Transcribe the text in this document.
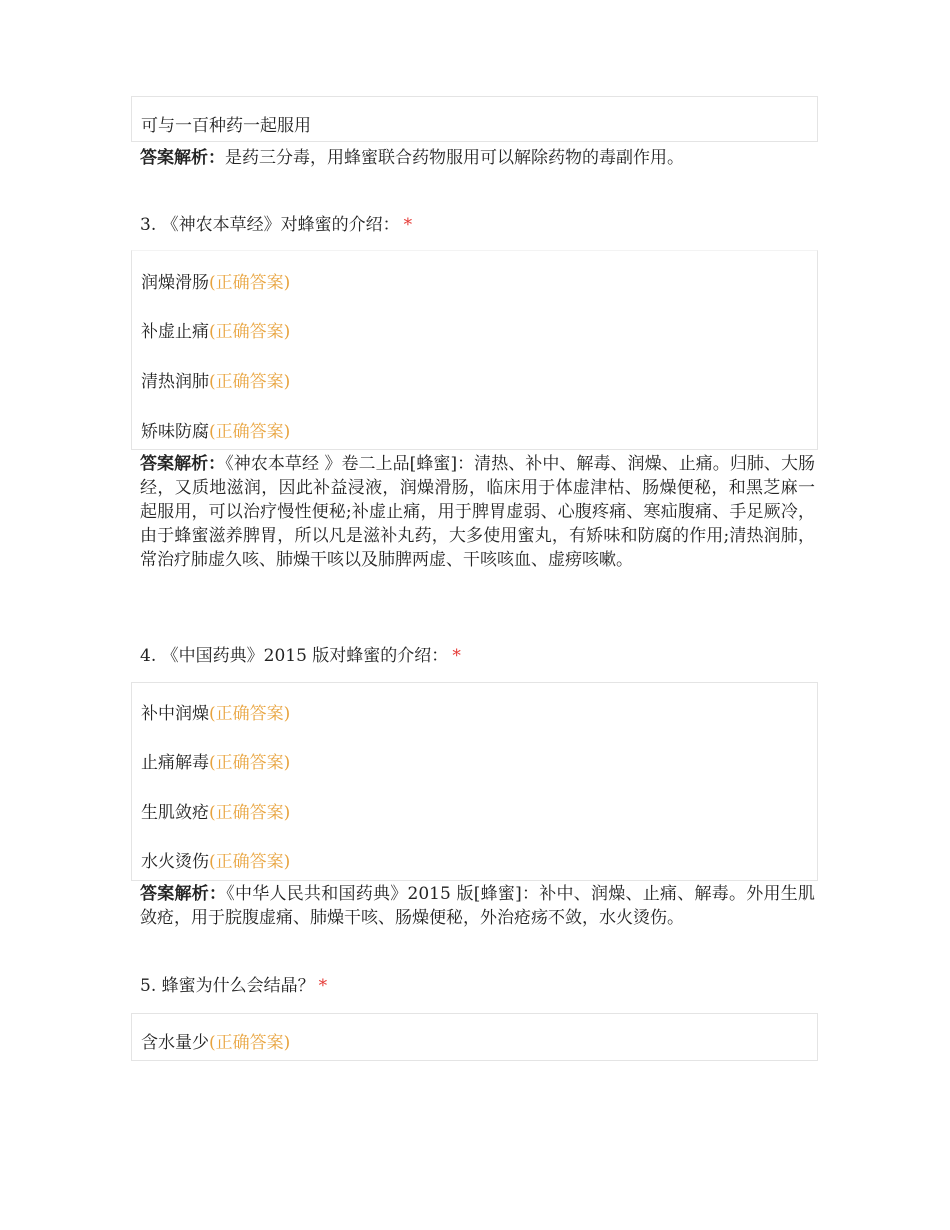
可与一百种药一起服用
答案解析：是药三分毒，用蜂蜜联合药物服用可以解除药物的毒副作用。
3. 《神农本草经》对蜂蜜的介绍： *
润燥滑肠(正确答案)
补虚止痛(正确答案)
清热润肺(正确答案)
矫味防腐(正确答案)
答案解析：《神农本草经 》卷二上品[蜂蜜]：清热、补中、解毒、润燥、止痛。归肺、大肠经，又质地滋润，因此补益浸液，润燥滑肠，临床用于体虚津枯、肠燥便秘，和黑芝麻一起服用，可以治疗慢性便秘;补虚止痛，用于脾胃虚弱、心腹疼痛、寒疝腹痛、手足厥冷，由于蜂蜜滋养脾胃，所以凡是滋补丸药，大多使用蜜丸，有矫味和防腐的作用;清热润肺，常治疗肺虚久咳、肺燥干咳以及肺脾两虚、干咳咳血、虚痨咳嗽。
4. 《中国药典》2015 版对蜂蜜的介绍： *
补中润燥(正确答案)
止痛解毒(正确答案)
生肌敛疮(正确答案)
水火烫伤(正确答案)
答案解析：《中华人民共和国药典》2015 版[蜂蜜]：补中、润燥、止痛、解毒。外用生肌敛疮，用于脘腹虚痛、肺燥干咳、肠燥便秘，外治疮疡不敛，水火烫伤。
5. 蜂蜜为什么会结晶？ *
含水量少(正确答案)
